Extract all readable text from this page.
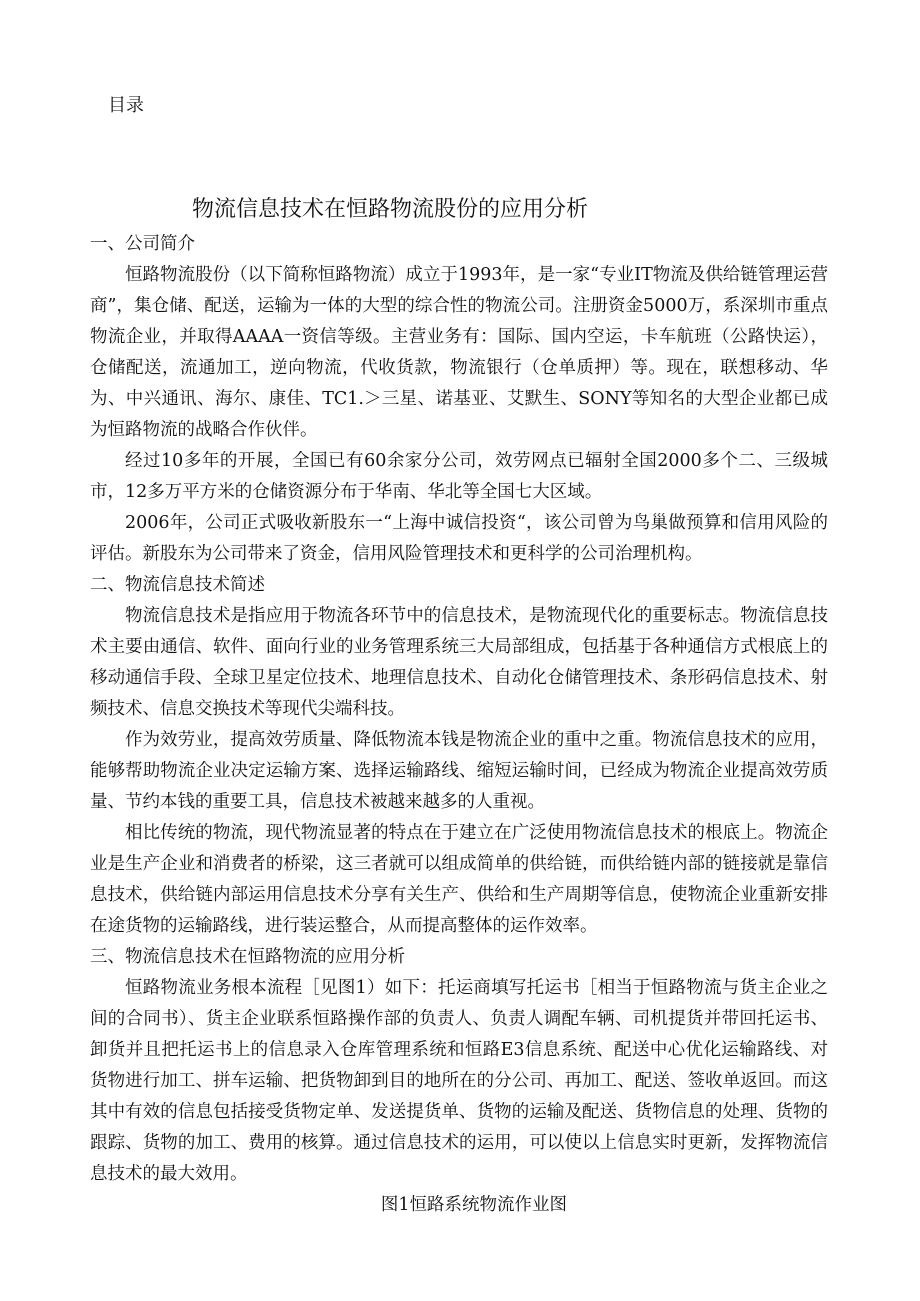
目录
物流信息技术在恒路物流股份的应用分析
一、公司简介

恒路物流股份（以下简称恒路物流）成立于1993年，是一家“专业IT物流及供给链管理运营商”，集仓储、配送，运输为一体的大型的综合性的物流公司。注册资金5000万，系深圳市重点物流企业，并取得AAAA一资信等级。主营业务有：国际、国内空运，卡车航班（公路快运），仓储配送，流通加工，逆向物流，代收货款，物流银行（仓单质押）等。现在，联想移动、华为、中兴通讯、海尔、康佳、TC1.＞三星、诺基亚、艾默生、SONY等知名的大型企业都已成为恒路物流的战略合作伙伴。

经过10多年的开展，全国已有60余家分公司，效劳网点已辐射全国2000多个二、三级城市，12多万平方米的仓储资源分布于华南、华北等全国七大区域。

2006年，公司正式吸收新股东一“上海中诚信投资“，该公司曾为鸟巢做预算和信用风险的评估。新股东为公司带来了资金，信用风险管理技术和更科学的公司治理机构。

二、物流信息技术简述

物流信息技术是指应用于物流各环节中的信息技术，是物流现代化的重要标志。物流信息技术主要由通信、软件、面向行业的业务管理系统三大局部组成，包括基于各种通信方式根底上的移动通信手段、全球卫星定位技术、地理信息技术、自动化仓储管理技术、条形码信息技术、射频技术、信息交换技术等现代尖端科技。

作为效劳业，提高效劳质量、降低物流本钱是物流企业的重中之重。物流信息技术的应用，能够帮助物流企业决定运输方案、选择运输路线、缩短运输时间，已经成为物流企业提高效劳质量、节约本钱的重要工具，信息技术被越来越多的人重视。

相比传统的物流，现代物流显著的特点在于建立在广泛使用物流信息技术的根底上。物流企业是生产企业和消费者的桥梁，这三者就可以组成简单的供给链，而供给链内部的链接就是靠信息技术，供给链内部运用信息技术分享有关生产、供给和生产周期等信息，使物流企业重新安排在途货物的运输路线，进行装运整合，从而提高整体的运作效率。

三、物流信息技术在恒路物流的应用分析

恒路物流业务根本流程［见图1）如下：托运商填写托运书［相当于恒路物流与货主企业之间的合同书）、货主企业联系恒路操作部的负责人、负责人调配车辆、司机提货并带回托运书、卸货并且把托运书上的信息录入仓库管理系统和恒路E3信息系统、配送中心优化运输路线、对货物进行加工、拼车运输、把货物卸到目的地所在的分公司、再加工、配送、签收单返回。而这其中有效的信息包括接受货物定单、发送提货单、货物的运输及配送、货物信息的处理、货物的跟踪、货物的加工、费用的核算。通过信息技术的运用，可以使以上信息实时更新，发挥物流信息技术的最大效用。

图1恒路系统物流作业图
